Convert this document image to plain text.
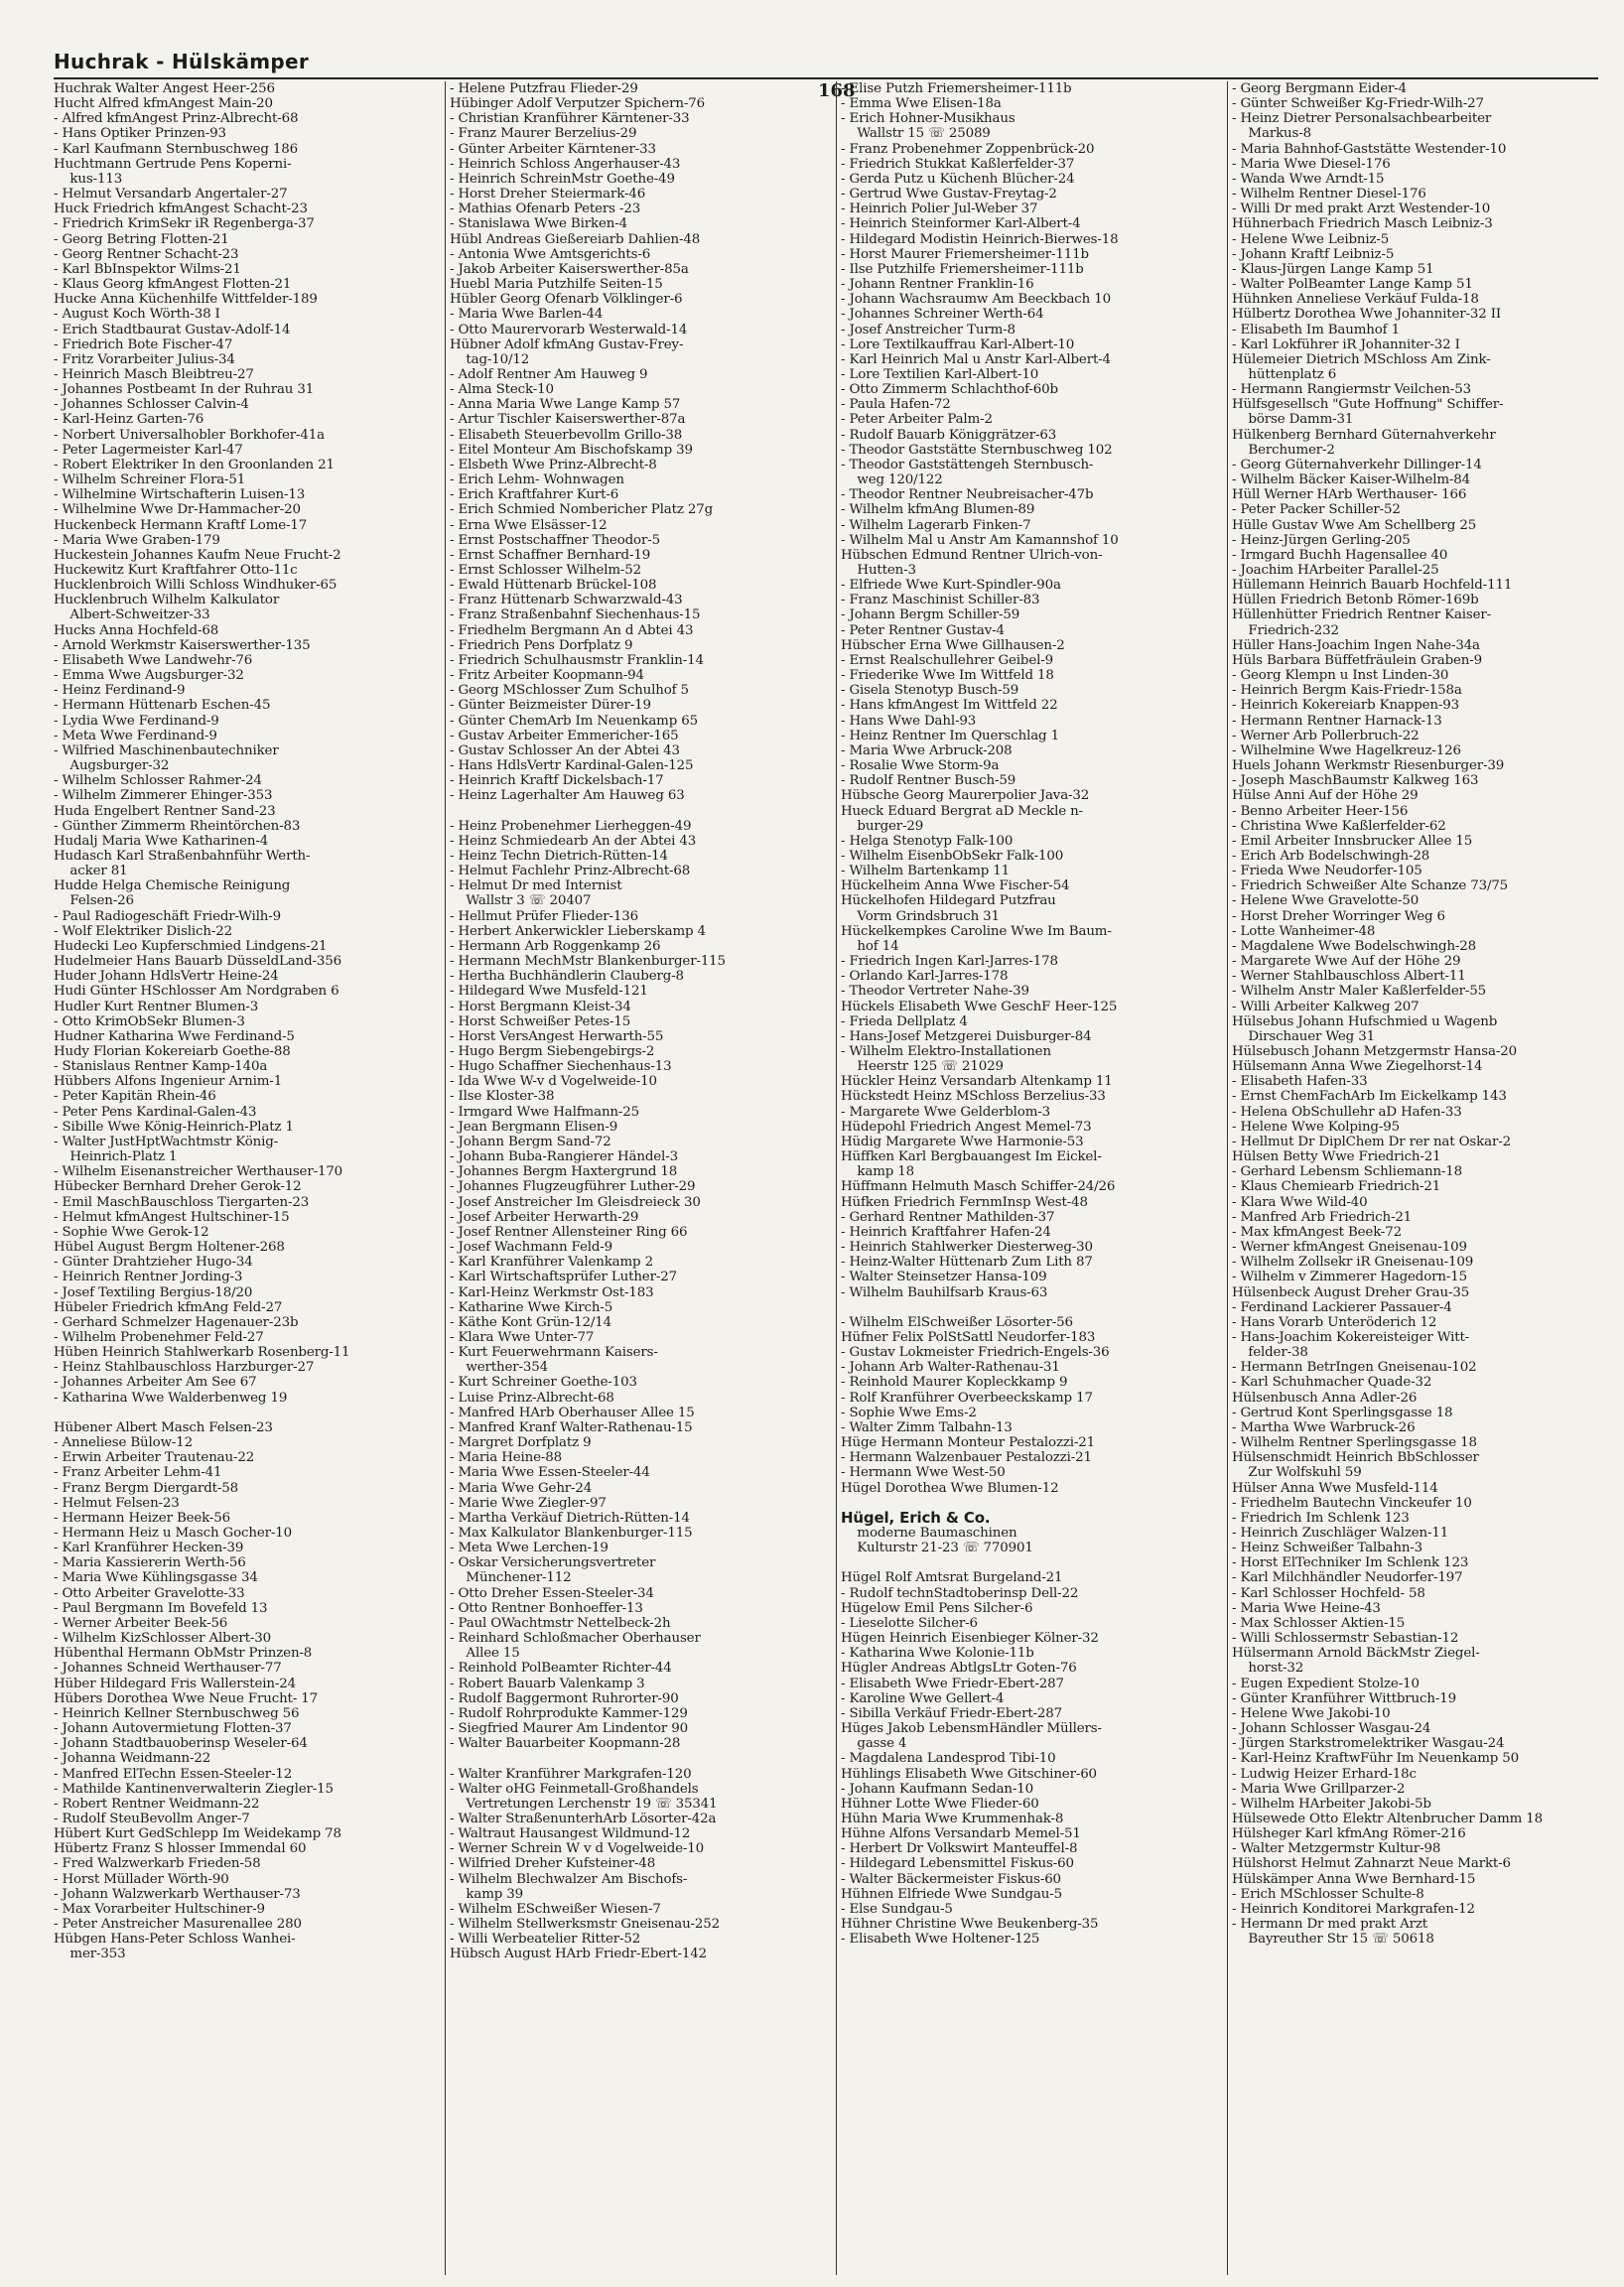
Huchrak - Hülskämper
168
Huchrak Walter Angest Heer-256
Hucht Alfred kfmAngest Main-20
- Alfred kfmAngest Prinz-Albrecht-68
- Hans Optiker Prinzen-93
- Karl Kaufmann Sternbuschweg 186
Huchtmann Gertrude Pens Koperni-
kus-113
- Helmut Versandarb Angertaler-27
Huck Friedrich kfmAngest Schacht-23
- Friedrich KrimSekr iR Regenberga-37
- Georg Betring Flotten-21
- Georg Rentner Schacht-23
- Karl BbInspektor Wilms-21
- Klaus Georg kfmAngest Flotten-21
Hucke Anna Küchenhilfe Wittfelder-189
- August Koch Wörth-38 I
- Erich Stadtbaurat Gustav-Adolf-14
- Friedrich Bote Fischer-47
- Fritz Vorarbeiter Julius-34
- Heinrich Masch Bleibtreu-27
- Johannes Postbeamt In der Ruhrau 31
- Johannes Schlosser Calvin-4
- Karl-Heinz Garten-76
- Norbert Universalhobler Borkhofer-41a
- Peter Lagermeister Karl-47
- Robert Elektriker In den Groonlanden 21
- Wilhelm Schreiner Flora-51
- Wilhelmine Wirtschafterin Luisen-13
- Wilhelmine Wwe Dr-Hammacher-20
Huckenbeck Hermann Kraftf Lome-17
- Maria Wwe Graben-179
Huckestein Johannes Kaufm Neue Frucht-2
Huckewitz Kurt Kraftfahrer Otto-11c
Hucklenbroich Willi Schloss Windhuker-65
Hucklenbruch Wilhelm Kalkulator
Albert-Schweitzer-33
Hucks Anna Hochfeld-68
- Arnold Werkmstr Kaiserswerther-135
- Elisabeth Wwe Landwehr-76
- Emma Wwe Augsburger-32
- Heinz Ferdinand-9
- Hermann Hüttenarb Eschen-45
- Lydia Wwe Ferdinand-9
- Meta Wwe Ferdinand-9
- Wilfried Maschinenbautechniker
Augsburger-32
- Wilhelm Schlosser Rahmer-24
- Wilhelm Zimmerer Ehinger-353
Huda Engelbert Rentner Sand-23
- Günther Zimmerm Rheintörchen-83
Hudalj Maria Wwe Katharinen-4
Hudasch Karl Straßenbahnführ Werth-
acker 81
Hudde Helga Chemische Reinigung
Felsen-26
- Paul Radiogeschäft Friedr-Wilh-9
- Wolf Elektriker Dislich-22
Hudecki Leo Kupferschmied Lindgens-21
Hudelmeier Hans Bauarb DüsseldLand-356
Huder Johann HdlsVertr Heine-24
Hudi Günter HSchlosser Am Nordgraben 6
Hudler Kurt Rentner Blumen-3
- Otto KrimObSekr Blumen-3
Hudner Katharina Wwe Ferdinand-5
Hudy Florian Kokereiarb Goethe-88
- Stanislaus Rentner Kamp-140a
Hübbers Alfons Ingenieur Arnim-1
- Peter Kapitän Rhein-46
- Peter Pens Kardinal-Galen-43
- Sibille Wwe König-Heinrich-Platz 1
- Walter JustHptWachtmstr König-
Heinrich-Platz 1
- Wilhelm Eisenanstreicher Werthauser-170
Hübecker Bernhard Dreher Gerok-12
- Emil MaschBauschloss Tiergarten-23
- Helmut kfmAngest Hultschiner-15
- Sophie Wwe Gerok-12
Hübel August Bergm Holtener-268
- Günter Drahtzieher Hugo-34
- Heinrich Rentner Jording-3
- Josef Textiling Bergius-18/20
Hübeler Friedrich kfmAng Feld-27
- Gerhard Schmelzer Hagenauer-23b
- Wilhelm Probenehmer Feld-27
Hüben Heinrich Stahlwerkarb Rosenberg-11
- Heinz Stahlbauschloss Harzburger-27
- Johannes Arbeiter Am See 67
- Katharina Wwe Walderbenweg 19

Hübener Albert Masch Felsen-23
- Anneliese Bülow-12
- Erwin Arbeiter Trautenau-22
- Franz Arbeiter Lehm-41
- Franz Bergm Diergardt-58
- Helmut Felsen-23
- Hermann Heizer Beek-56
- Hermann Heiz u Masch Gocher-10
- Karl Kranführer Hecken-39
- Maria Kassiererin Werth-56
- Maria Wwe Kühlingsgasse 34
- Otto Arbeiter Gravelotte-33
- Paul Bergmann Im Bovefeld 13
- Werner Arbeiter Beek-56
- Wilhelm KizSchlosser Albert-30
Hübenthal Hermann ObMstr Prinzen-8
- Johannes Schneid Werthauser-77
Hüber Hildegard Fris Wallerstein-24
Hübers Dorothea Wwe Neue Frucht- 17
- Heinrich Kellner Sternbuschweg 56
- Johann Autovermietung Flotten-37
- Johann Stadtbauoberinsp Weseler-64
- Johanna Weidmann-22
- Manfred ElTechn Essen-Steeler-12
- Mathilde Kantinenverwalterin Ziegler-15
- Robert Rentner Weidmann-22
- Rudolf SteuBevollm Anger-7
Hübert Kurt GedSchlepp Im Weidekamp 78
Hübertz Franz S hlosser Immendal 60
- Fred Walzwerkarb Frieden-58
- Horst Müllader Wörth-90
- Johann Walzwerkarb Werthauser-73
- Max Vorarbeiter Hultschiner-9
- Peter Anstreicher Masurenallee 280
Hübgen Hans-Peter Schloss Wanhei-
mer-353
- Helene Putzfrau Flieder-29
Hübinger Adolf Verputzer Spichern-76
- Christian Kranführer Kärntener-33
- Franz Maurer Berzelius-29
- Günter Arbeiter Kärntener-33
- Heinrich Schloss Angerhauser-43
- Heinrich SchreinMstr Goethe-49
- Horst Dreher Steiermark-46
- Mathias Ofenarb Peters -23
- Stanislawa Wwe Birken-4
Hübl Andreas Gießereiarb Dahlien-48
- Antonia Wwe Amtsgerichts-6
- Jakob Arbeiter Kaiserswerther-85a
Huebl Maria Putzhilfe Seiten-15
Hübler Georg Ofenarb Völklinger-6
- Maria Wwe Barlen-44
- Otto Maurervorarb Westerwald-14
Hübner Adolf kfmAng Gustav-Frey-
tag-10/12
- Adolf Rentner Am Hauweg 9
- Alma Steck-10
- Anna Maria Wwe Lange Kamp 57
- Artur Tischler Kaiserswerther-87a
- Elisabeth Steuerbevollm Grillo-38
- Eitel Monteur Am Bischofskamp 39
- Elsbeth Wwe Prinz-Albrecht-8
- Erich Lehm- Wohnwagen
- Erich Kraftfahrer Kurt-6
- Erich Schmied Nombericher Platz 27g
- Erna Wwe Elsässer-12
- Ernst Postschaffner Theodor-5
- Ernst Schaffner Bernhard-19
- Ernst Schlosser Wilhelm-52
- Ewald Hüttenarb Brückel-108
- Franz Hüttenarb Schwarzwald-43
- Franz Straßenbahnf Siechenhaus-15
- Friedhelm Bergmann An d Abtei 43
- Friedrich Pens Dorfplatz 9
- Friedrich Schulhausmstr Franklin-14
- Fritz Arbeiter Koopmann-94
- Georg MSchlosser Zum Schulhof 5
- Günter Beizmeister Dürer-19
- Günter ChemArb Im Neuenkamp 65
- Gustav Arbeiter Emmericher-165
- Gustav Schlosser An der Abtei 43
- Hans HdlsVertr Kardinal-Galen-125
- Heinrich Kraftf Dickelsbach-17
- Heinz Lagerhalter Am Hauweg 63

- Heinz Probenehmer Lierheggen-49
- Heinz Schmiedearb An der Abtei 43
- Heinz Techn Dietrich-Rütten-14
- Helmut Fachlehr Prinz-Albrecht-68
- Helmut Dr med Internist
Wallstr 3 ☏ 20407
- Hellmut Prüfer Flieder-136
- Herbert Ankerwickler Lieberskamp 4
- Hermann Arb Roggenkamp 26
- Hermann MechMstr Blankenburger-115
- Hertha Buchhändlerin Clauberg-8
- Hildegard Wwe Musfeld-121
- Horst Bergmann Kleist-34
- Horst Schweißer Petes-15
- Horst VersAngest Herwarth-55
- Hugo Bergm Siebengebirgs-2
- Hugo Schaffner Siechenhaus-13
- Ida Wwe W-v d Vogelweide-10
- Ilse Kloster-38
- Irmgard Wwe Halfmann-25
- Jean Bergmann Elisen-9
- Johann Bergm Sand-72
- Johann Buba-Rangierer Händel-3
- Johannes Bergm Haxtergrund 18
- Johannes Flugzeugführer Luther-29
- Josef Anstreicher Im Gleisdreieck 30
- Josef Arbeiter Herwarth-29
- Josef Rentner Allensteiner Ring 66
- Josef Wachmann Feld-9
- Karl Kranführer Valenkamp 2
- Karl Wirtschaftsprüfer Luther-27
- Karl-Heinz Werkmstr Ost-183
- Katharine Wwe Kirch-5
- Käthe Kont Grün-12/14
- Klara Wwe Unter-77
- Kurt Feuerwehrmann Kaisers-
werther-354
- Kurt Schreiner Goethe-103
- Luise Prinz-Albrecht-68
- Manfred HArb Oberhauser Allee 15
- Manfred Kranf Walter-Rathenau-15
- Margret Dorfplatz 9
- Maria Heine-88
- Maria Wwe Essen-Steeler-44
- Maria Wwe Gehr-24
- Marie Wwe Ziegler-97
- Martha Verkäuf Dietrich-Rütten-14
- Max Kalkulator Blankenburger-115
- Meta Wwe Lerchen-19
- Oskar Versicherungsvertreter
Münchener-112
- Otto Dreher Essen-Steeler-34
- Otto Rentner Bonhoeffer-13
- Paul OWachtmstr Nettelbeck-2h
- Reinhard Schloßmacher Oberhauser
Allee 15
- Reinhold PolBeamter Richter-44
- Robert Bauarb Valenkamp 3
- Rudolf Baggermont Ruhrorter-90
- Rudolf Rohrprodukte Kammer-129
- Siegfried Maurer Am Lindentor 90
- Walter Bauarbeiter Koopmann-28

- Walter Kranführer Markgrafen-120
- Walter oHG Feinmetall-Großhandels
Vertretungen Lerchenstr 19 ☏ 35341
- Walter StraßenunterhArb Lösorter-42a
- Waltraut Hausangest Wildmund-12
- Werner Schrein W v d Vogelweide-10
- Wilfried Dreher Kufsteiner-48
- Wilhelm Blechwalzer Am Bischofs-
kamp 39
- Wilhelm ESchweißer Wiesen-7
- Wilhelm Stellwerksmstr Gneisenau-252
- Willi Werbeatelier Ritter-52
Hübsch August HArb Friedr-Ebert-142
- Elise Putzh Friemersheimer-111b
- Emma Wwe Elisen-18a
- Erich Hohner-Musikhaus
Wallstr 15 ☏ 25089
- Franz Probenehmer Zoppenbrück-20
- Friedrich Stukkat Kaßlerfelder-37
- Gerda Putz u Küchenh Blücher-24
- Gertrud Wwe Gustav-Freytag-2
- Heinrich Polier Jul-Weber 37
- Heinrich Steinformer Karl-Albert-4
- Hildegard Modistin Heinrich-Bierwes-18
- Horst Maurer Friemersheimer-111b
- Ilse Putzhilfe Friemersheimer-111b
- Johann Rentner Franklin-16
- Johann Wachsraumw Am Beeckbach 10
- Johannes Schreiner Werth-64
- Josef Anstreicher Turm-8
- Lore Textilkauffrau Karl-Albert-10
- Karl Heinrich Mal u Anstr Karl-Albert-4
- Lore Textilien Karl-Albert-10
- Otto Zimmerm Schlachthof-60b
- Paula Hafen-72
- Peter Arbeiter Palm-2
- Rudolf Bauarb Königgrätzer-63
- Theodor Gaststätte Sternbuschweg 102
- Theodor Gaststättengeh Sternbusch-
weg 120/122
- Theodor Rentner Neubreisacher-47b
- Wilhelm kfmAng Blumen-89
- Wilhelm Lagerarb Finken-7
- Wilhelm Mal u Anstr Am Kamannshof 10
Hübschen Edmund Rentner Ulrich-von-
Hutten-3
- Elfriede Wwe Kurt-Spindler-90a
- Franz Maschinist Schiller-83
- Johann Bergm Schiller-59
- Peter Rentner Gustav-4
Hübscher Erna Wwe Gillhausen-2
- Ernst Realschullehrer Geibel-9
- Friederike Wwe Im Wittfeld 18
- Gisela Stenotyp Busch-59
- Hans kfmAngest Im Wittfeld 22
- Hans Wwe Dahl-93
- Heinz Rentner Im Querschlag 1
- Maria Wwe Arbruck-208
- Rosalie Wwe Storm-9a
- Rudolf Rentner Busch-59
Hübsche Georg Maurerpolier Java-32
Hueck Eduard Bergrat aD Meckle n-
burger-29
- Helga Stenotyp Falk-100
- Wilhelm EisenbObSekr Falk-100
- Wilhelm Bartenkamp 11
Hückelheim Anna Wwe Fischer-54
Hückelhofen Hildegard Putzfrau
Vorm Grindsbruch 31
Hückelkempkes Caroline Wwe Im Baum-
hof 14
- Friedrich Ingen Karl-Jarres-178
- Orlando Karl-Jarres-178
- Theodor Vertreter Nahe-39
Hückels Elisabeth Wwe GeschF Heer-125
- Frieda Dellplatz 4
- Hans-Josef Metzgerei Duisburger-84
- Wilhelm Elektro-Installationen
Heerstr 125 ☏ 21029
Hückler Heinz Versandarb Altenkamp 11
Hückstedt Heinz MSchloss Berzelius-33
- Margarete Wwe Gelderblom-3
Hüdepohl Friedrich Angest Memel-73
Hüdig Margarete Wwe Harmonie-53
Hüffken Karl Bergbauangest Im Eickel-
kamp 18
Hüffmann Helmuth Masch Schiffer-24/26
Hüfken Friedrich FernmInsp West-48
- Gerhard Rentner Mathilden-37
- Heinrich Kraftfahrer Hafen-24
- Heinrich Stahlwerker Diesterweg-30
- Heinz-Walter Hüttenarb Zum Lith 87
- Walter Steinsetzer Hansa-109
- Wilhelm Bauhilfsarb Kraus-63

- Wilhelm ElSchweißer Lösorter-56
Hüfner Felix PolStSattl Neudorfer-183
- Gustav Lokmeister Friedrich-Engels-36
- Johann Arb Walter-Rathenau-31
- Reinhold Maurer Kopleckkamp 9
- Rolf Kranführer Overbeeckskamp 17
- Sophie Wwe Ems-2
- Walter Zimm Talbahn-13
Hüge Hermann Monteur Pestalozzi-21
- Hermann Walzenbauer Pestalozzi-21
- Hermann Wwe West-50
Hügel Dorothea Wwe Blumen-12

Hügel, Erich & Co.
moderne Baumaschinen
Kulturstr 21-23 ☏ 770901

Hügel Rolf Amtsrat Burgeland-21
- Rudolf technStadtoberinsp Dell-22
Hügelow Emil Pens Silcher-6
- Lieselotte Silcher-6
Hügen Heinrich Eisenbieger Kölner-32
- Katharina Wwe Kolonie-11b
Hügler Andreas AbtlgsLtr Goten-76
- Elisabeth Wwe Friedr-Ebert-287
- Karoline Wwe Gellert-4
- Sibilla Verkäuf Friedr-Ebert-287
Hüges Jakob LebensmHändler Müllers-
gasse 4
- Magdalena Landesprod Tibi-10
Hühlings Elisabeth Wwe Gitschiner-60
- Johann Kaufmann Sedan-10
Hühner Lotte Wwe Flieder-60
Hühn Maria Wwe Krummenhak-8
Hühne Alfons Versandarb Memel-51
- Herbert Dr Volkswirt Manteuffel-8
- Hildegard Lebensmittel Fiskus-60
- Walter Bäckermeister Fiskus-60
Hühnen Elfriede Wwe Sundgau-5
- Else Sundgau-5
Hühner Christine Wwe Beukenberg-35
- Elisabeth Wwe Holtener-125
- Georg Bergmann Eider-4
- Günter Schweißer Kg-Friedr-Wilh-27
- Heinz Dietrer Personalsachbearbeiter
Markus-8
- Maria Bahnhof-Gaststätte Westender-10
- Maria Wwe Diesel-176
- Wanda Wwe Arndt-15
- Wilhelm Rentner Diesel-176
- Willi Dr med prakt Arzt Westender-10
Hühnerbach Friedrich Masch Leibniz-3
- Helene Wwe Leibniz-5
- Johann Kraftf Leibniz-5
- Klaus-Jürgen Lange Kamp 51
- Walter PolBeamter Lange Kamp 51
Hühnken Anneliese Verkäuf Fulda-18
Hülbertz Dorothea Wwe Johanniter-32 II
- Elisabeth Im Baumhof 1
- Karl Lokführer iR Johanniter-32 I
Hülemeier Dietrich MSchloss Am Zink-
hüttenplatz 6
- Hermann Rangiermstr Veilchen-53
Hülfsgesellsch "Gute Hoffnung" Schiffer-
börse Damm-31
Hülkenberg Bernhard Güternahverkehr
Berchumer-2
- Georg Güternahverkehr Dillinger-14
- Wilhelm Bäcker Kaiser-Wilhelm-84
Hüll Werner HArb Werthauser- 166
- Peter Packer Schiller-52
Hülle Gustav Wwe Am Schellberg 25
- Heinz-Jürgen Gerling-205
- Irmgard Buchh Hagensallee 40
- Joachim HArbeiter Parallel-25
Hüllemann Heinrich Bauarb Hochfeld-111
Hüllen Friedrich Betonb Römer-169b
Hüllenhütter Friedrich Rentner Kaiser-
Friedrich-232
Hüller Hans-Joachim Ingen Nahe-34a
Hüls Barbara Büffetfräulein Graben-9
- Georg Klempn u Inst Linden-30
- Heinrich Bergm Kais-Friedr-158a
- Heinrich Kokereiarb Knappen-93
- Hermann Rentner Harnack-13
- Werner Arb Pollerbruch-22
- Wilhelmine Wwe Hagelkreuz-126
Huels Johann Werkmstr Riesenburger-39
- Joseph MaschBaumstr Kalkweg 163
Hülse Anni Auf der Höhe 29
- Benno Arbeiter Heer-156
- Christina Wwe Kaßlerfelder-62
- Emil Arbeiter Innsbrucker Allee 15
- Erich Arb Bodelschwingh-28
- Frieda Wwe Neudorfer-105
- Friedrich Schweißer Alte Schanze 73/75
- Helene Wwe Gravelotte-50
- Horst Dreher Worringer Weg 6
- Lotte Wanheimer-48
- Magdalene Wwe Bodelschwingh-28
- Margarete Wwe Auf der Höhe 29
- Werner Stahlbauschloss Albert-11
- Wilhelm Anstr Maler Kaßlerfelder-55
- Willi Arbeiter Kalkweg 207
Hülsebus Johann Hufschmied u Wagenb
Dirschauer Weg 31
Hülsebusch Johann Metzgermstr Hansa-20
Hülsemann Anna Wwe Ziegelhorst-14
- Elisabeth Hafen-33
- Ernst ChemFachArb Im Eickelkamp 143
- Helena ObSchullehr aD Hafen-33
- Helene Wwe Kolping-95
- Hellmut Dr DiplChem Dr rer nat Oskar-2
Hülsen Betty Wwe Friedrich-21
- Gerhard Lebensm Schliemann-18
- Klaus Chemiearb Friedrich-21
- Klara Wwe Wild-40
- Manfred Arb Friedrich-21
- Max kfmAngest Beek-72
- Werner kfmAngest Gneisenau-109
- Wilhelm Zollsekr iR Gneisenau-109
- Wilhelm v Zimmerer Hagedorn-15
Hülsenbeck August Dreher Grau-35
- Ferdinand Lackierer Passauer-4
- Hans Vorarb Unteröderich 12
- Hans-Joachim Kokereisteiger Witt-
felder-38
- Hermann BetrIngen Gneisenau-102
- Karl Schuhmacher Quade-32
Hülsenbusch Anna Adler-26
- Gertrud Kont Sperlingsgasse 18
- Martha Wwe Warbruck-26
- Wilhelm Rentner Sperlingsgasse 18
Hülsenschmidt Heinrich BbSchlosser
Zur Wolfskuhl 59
Hülser Anna Wwe Musfeld-114
- Friedhelm Bautechn Vinckeufer 10
- Friedrich Im Schlenk 123
- Heinrich Zuschläger Walzen-11
- Heinz Schweißer Talbahn-3
- Horst ElTechniker Im Schlenk 123
- Karl Milchhändler Neudorfer-197
- Karl Schlosser Hochfeld- 58
- Maria Wwe Heine-43
- Max Schlosser Aktien-15
- Willi Schlossermstr Sebastian-12
Hülsermann Arnold BäckMstr Ziegel-
horst-32
- Eugen Expedient Stolze-10
- Günter Kranführer Wittbruch-19
- Helene Wwe Jakobi-10
- Johann Schlosser Wasgau-24
- Jürgen Starkstromelektriker Wasgau-24
- Karl-Heinz KraftwFühr Im Neuenkamp 50
- Ludwig Heizer Erhard-18c
- Maria Wwe Grillparzer-2
- Wilhelm HArbeiter Jakobi-5b
Hülsewede Otto Elektr Altenbrucher Damm 18
Hülsheger Karl kfmAng Römer-216
- Walter Metzgermstr Kultur-98
Hülshorst Helmut Zahnarzt Neue Markt-6
Hülskämper Anna Wwe Bernhard-15
- Erich MSchlosser Schulte-8
- Heinrich Konditorei Markgrafen-12
- Hermann Dr med prakt Arzt
Bayreuther Str 15 ☏ 50618
